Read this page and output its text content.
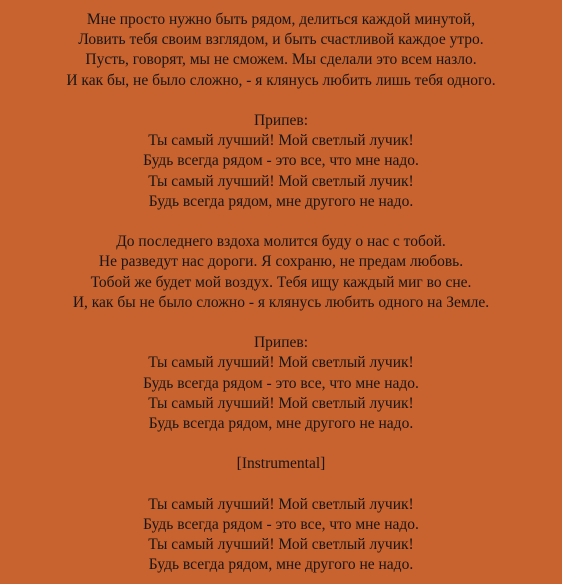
Мне просто нужно быть рядом, делиться каждой минутой,
Ловить тебя своим взглядом, и быть счастливой каждое утро.
Пусть, говорят, мы не сможем. Мы сделали это всем назло.
И как бы, не было сложно, - я клянусь любить лишь тебя одного.
Припев:
Ты самый лучший! Мой светлый лучик!
Будь всегда рядом - это все, что мне надо.
Ты самый лучший! Мой светлый лучик!
Будь всегда рядом, мне другого не надо.
До последнего вздоха молится буду о нас с тобой.
Не разведут нас дороги. Я сохраню, не предам любовь.
Тобой же будет мой воздух. Тебя ищу каждый миг во сне.
И, как бы не было сложно - я клянусь любить одного на Земле.
Припев:
Ты самый лучший! Мой светлый лучик!
Будь всегда рядом - это все, что мне надо.
Ты самый лучший! Мой светлый лучик!
Будь всегда рядом, мне другого не надо.
[Instrumental]
Ты самый лучший! Мой светлый лучик!
Будь всегда рядом - это все, что мне надо.
Ты самый лучший! Мой светлый лучик!
Будь всегда рядом, мне другого не надо.
